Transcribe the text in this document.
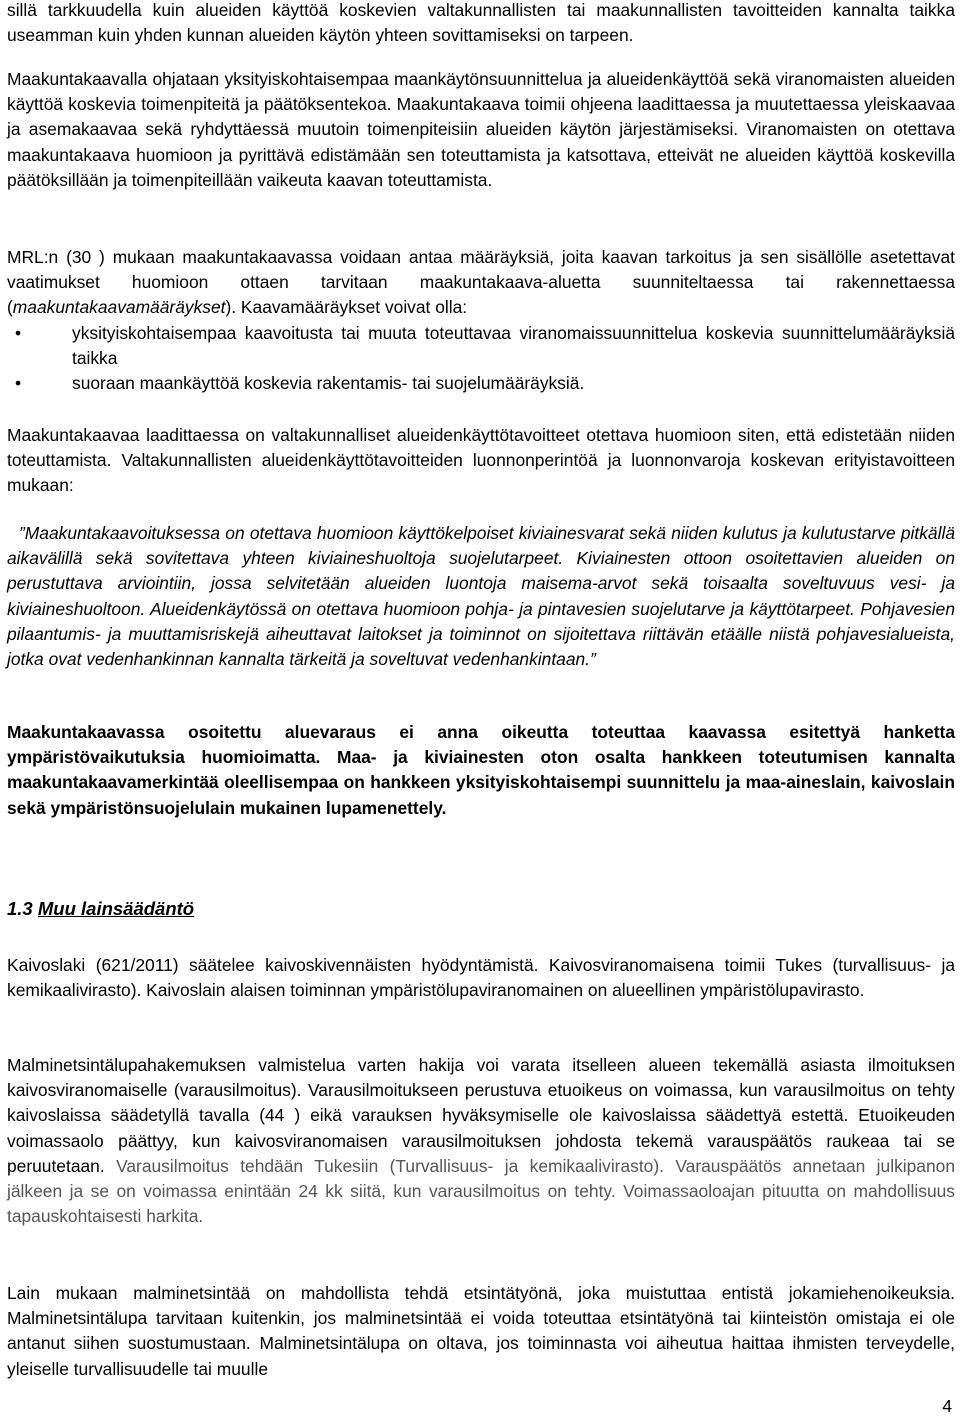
sillä tarkkuudella kuin alueiden käyttöä koskevien valtakunnallisten tai maakunnallisten tavoitteiden kannalta taikka useamman kuin yhden kunnan alueiden käytön yhteen sovittamiseksi on tarpeen.

Maakuntakaavalla ohjataan yksityiskohtaisempaa maankäytönsuunnittelua ja alueidenkäyttöä sekä viranomaisten alueiden käyttöä koskevia toimenpiteitä ja päätöksentekoa. Maakuntakaava toimii ohjeena laadittaessa ja muutettaessa yleiskaavaa ja asemakaavaa sekä ryhdyttäessä muutoin toimenpiteisiin alueiden käytön järjestämiseksi. Viranomaisten on otettava maakuntakaava huomioon ja pyrittävä edistämään sen toteuttamista ja katsottava, etteivät ne alueiden käyttöä koskevilla päätöksillään ja toimenpiteillään vaikeuta kaavan toteuttamista.

MRL:n (30 ) mukaan maakuntakaavassa voidaan antaa määräyksiä, joita kaavan tarkoitus ja sen sisällölle asetettavat vaatimukset huomioon ottaen tarvitaan maakuntakaava-aluetta suunniteltaessa tai rakennettaessa (maakuntakaavamääräykset). Kaavamääräykset voivat olla:

•	yksityiskohtaisempaa kaavoitusta tai muuta toteuttavaa viranomaissuunnittelua koskevia suunnittelumääräyksiä taikka
•	suoraan maankäyttöä koskevia rakentamis- tai suojelumääräyksiä.

Maakuntakaavaa laadittaessa on valtakunnalliset alueidenkäyttötavoitteet otettava huomioon siten, että edistetään niiden toteuttamista. Valtakunnallisten alueidenkäyttötavoitteiden luonnonperintöä ja luonnonvaroja koskevan erityistavoitteen mukaan:

”Maakuntakaavoituksessa on otettava huomioon käyttökelpoiset kiviainesvarat sekä niiden kulutus ja kulutustarve pitkällä aikavälillä sekä sovitettava yhteen kiviaineshuoltoja suojelutarpeet. Kiviainesten ottoon osoitettavien alueiden on perustuttava arviointiin, jossa selvitetään alueiden luontoja maisema-arvot sekä toisaalta soveltuvuus vesi- ja kiviaineshuoltoon. Alueidenkäytössä on otettava huomioon pohja- ja pintavesien suojelutarve ja käyttötarpeet. Pohjavesien pilaantumis- ja muuttamisriskejä aiheuttavat laitokset ja toiminnot on sijoitettava riittävän etäälle niistä pohjavesialueista, jotka ovat vedenhankinnan kannalta tärkeitä ja soveltuvat vedenhankintaan.”

Maakuntakaavassa osoitettu aluevaraus ei anna oikeutta toteuttaa kaavassa esitettyä hanketta ympäristövaikutuksia huomioimatta. Maa- ja kiviainesten oton osalta hankkeen toteutumisen kannalta maakuntakaavamerkintää oleellisempaa on hankkeen yksityiskohtaisempi suunnittelu ja maa-aineslain, kaivoslain sekä ympäristönsuojelulain mukainen lupamenettely.

1.3 Muu lainsäädäntö

Kaivoslaki (621/2011) säätelee kaivoskivennäisten hyödyntämistä. Kaivosviranomaisena toimii Tukes (turvallisuus- ja kemikaalivirasto). Kaivoslain alaisen toiminnan ympäristölupaviranomainen on alueellinen ympäristölupavirasto.

Malminetsintälupahakemuksen valmistelua varten hakija voi varata itselleen alueen tekemällä asiasta ilmoituksen kaivosviranomaiselle (varausilmoitus). Varausilmoitukseen perustuva etuoikeus on voimassa, kun varausilmoitus on tehty kaivoslaissa säädetyllä tavalla (44 ) eikä varauksen hyväksymiselle ole kaivoslaissa säädettyä estettä. Etuoikeuden voimassaolo päättyy, kun kaivosviranomaisen varausilmoituksen johdosta tekemä varauspäätös raukeaa tai se peruutetaan. Varausilmoitus tehdään Tukesiin (Turvallisuus- ja kemikaalivirasto). Varauspäätös annetaan julkipanon jälkeen ja se on voimassa enintään 24 kk siitä, kun varausilmoitus on tehty. Voimassaoloajan pituutta on mahdollisuus tapauskohtaisesti harkita.

Lain mukaan malminetsintää on mahdollista tehdä etsintätyönä, joka muistuttaa entistä jokamiehenoikeuksia. Malminetsintälupa tarvitaan kuitenkin, jos malminetsintää ei voida toteuttaa etsintätyönä tai kiinteistön omistaja ei ole antanut siihen suostumustaan. Malminetsintälupa on oltava, jos toiminnasta voi aiheutua haittaa ihmisten terveydelle, yleiselle turvallisuudelle tai muulle

4
